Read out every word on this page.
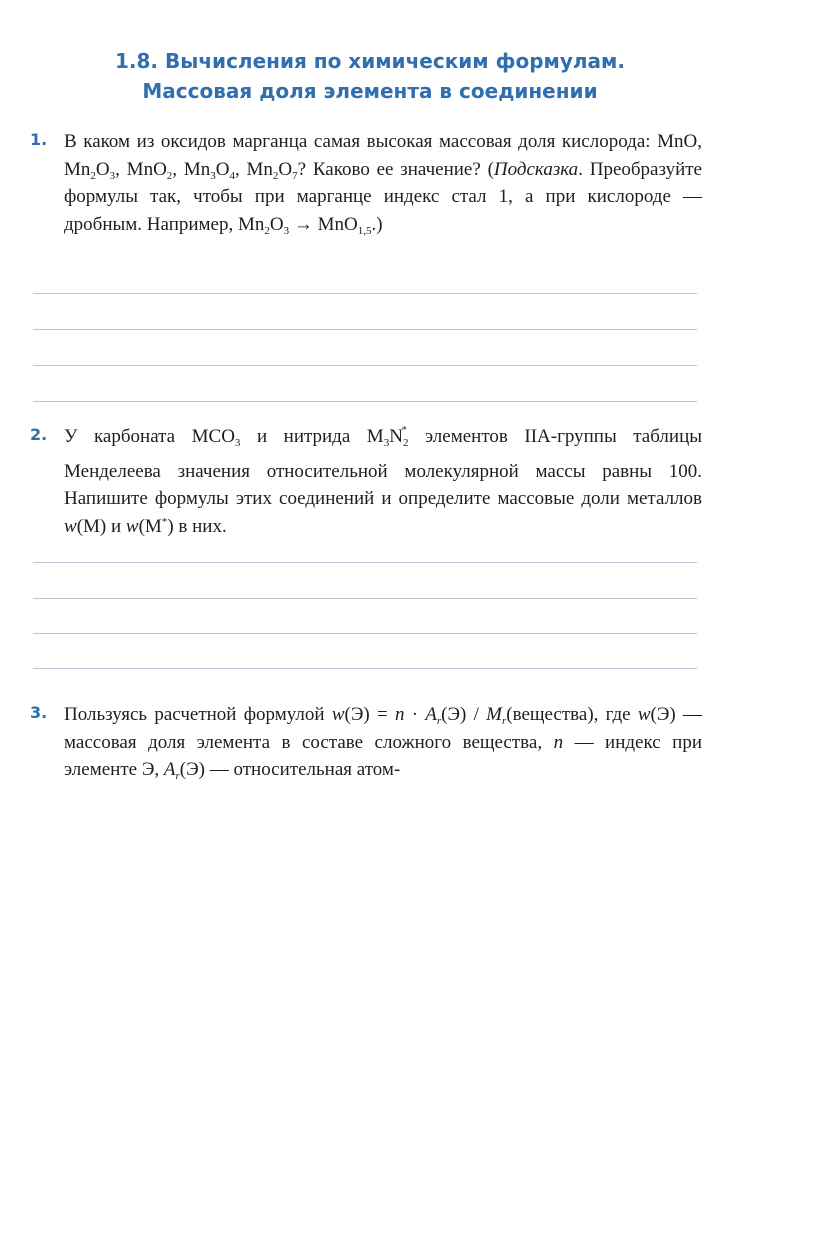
1.8. Вычисления по химическим формулам.
Массовая доля элемента в соединении
1. В каком из оксидов марганца самая высокая массовая доля кислорода: MnO, $Mn_2O_3$, MnO$_2$, $Mn_3O_4$, $Mn_2O_7$? Каково ее значение? (Подсказка. Преобразуйте формулы так, чтобы при марганце индекс стал 1, а при кислороде — дробным. Например, $Mn_2O_3 \to MnO_{1,5}$.)
2. У карбоната $MCO_3$ и нитрида M *
$_3N_2$ элементов IIA-группы таблицы Менделеева значения относительной молекулярной массы равны 100. Напишите формулы этих соединений и определите массовые доли металлов w(M) и w(M*) в них.
3. Пользуясь расчетной формулой $w(Э) = n \cdot A_r(Э)$ / $M_r(вещества)$, где w(Э) — массовая доля элемента в составе сложного вещества, n — индекс при элементе Э, $A_r(Э)$ — относительная атом-
